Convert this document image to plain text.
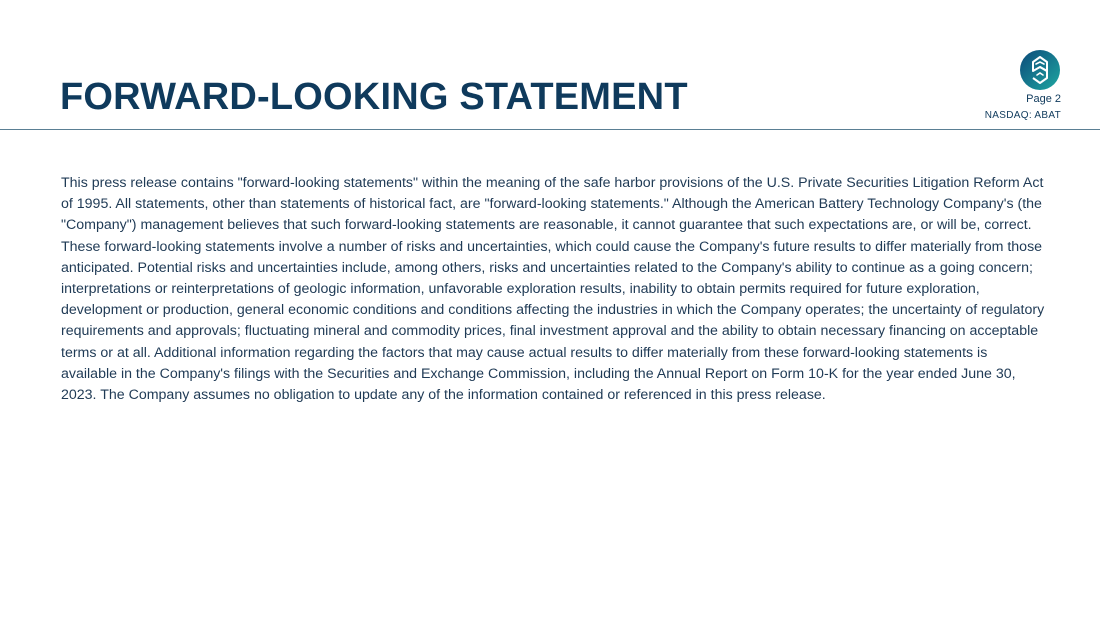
FORWARD-LOOKING STATEMENT	Page 2
NASDAQ: ABAT

This press release contains "forward-looking statements" within the meaning of the safe harbor provisions of the U.S. Private Securities Litigation Reform Act of 1995. All statements, other than statements of historical fact, are "forward-looking statements." Although the American Battery Technology Company's (the "Company") management believes that such forward-looking statements are reasonable, it cannot guarantee that such expectations are, or will be, correct. These forward-looking statements involve a number of risks and uncertainties, which could cause the Company's future results to differ materially from those anticipated. Potential risks and uncertainties include, among others, risks and uncertainties related to the Company's ability to continue as a going concern; interpretations or reinterpretations of geologic information, unfavorable exploration results, inability to obtain permits required for future exploration, development or production, general economic conditions and conditions affecting the industries in which the Company operates; the uncertainty of regulatory requirements and approvals; fluctuating mineral and commodity prices, final investment approval and the ability to obtain necessary financing on acceptable terms or at all. Additional information regarding the factors that may cause actual results to differ materially from these forward-looking statements is available in the Company's filings with the Securities and Exchange Commission, including the Annual Report on Form 10-K for the year ended June 30, 2023. The Company assumes no obligation to update any of the information contained or referenced in this press release.
